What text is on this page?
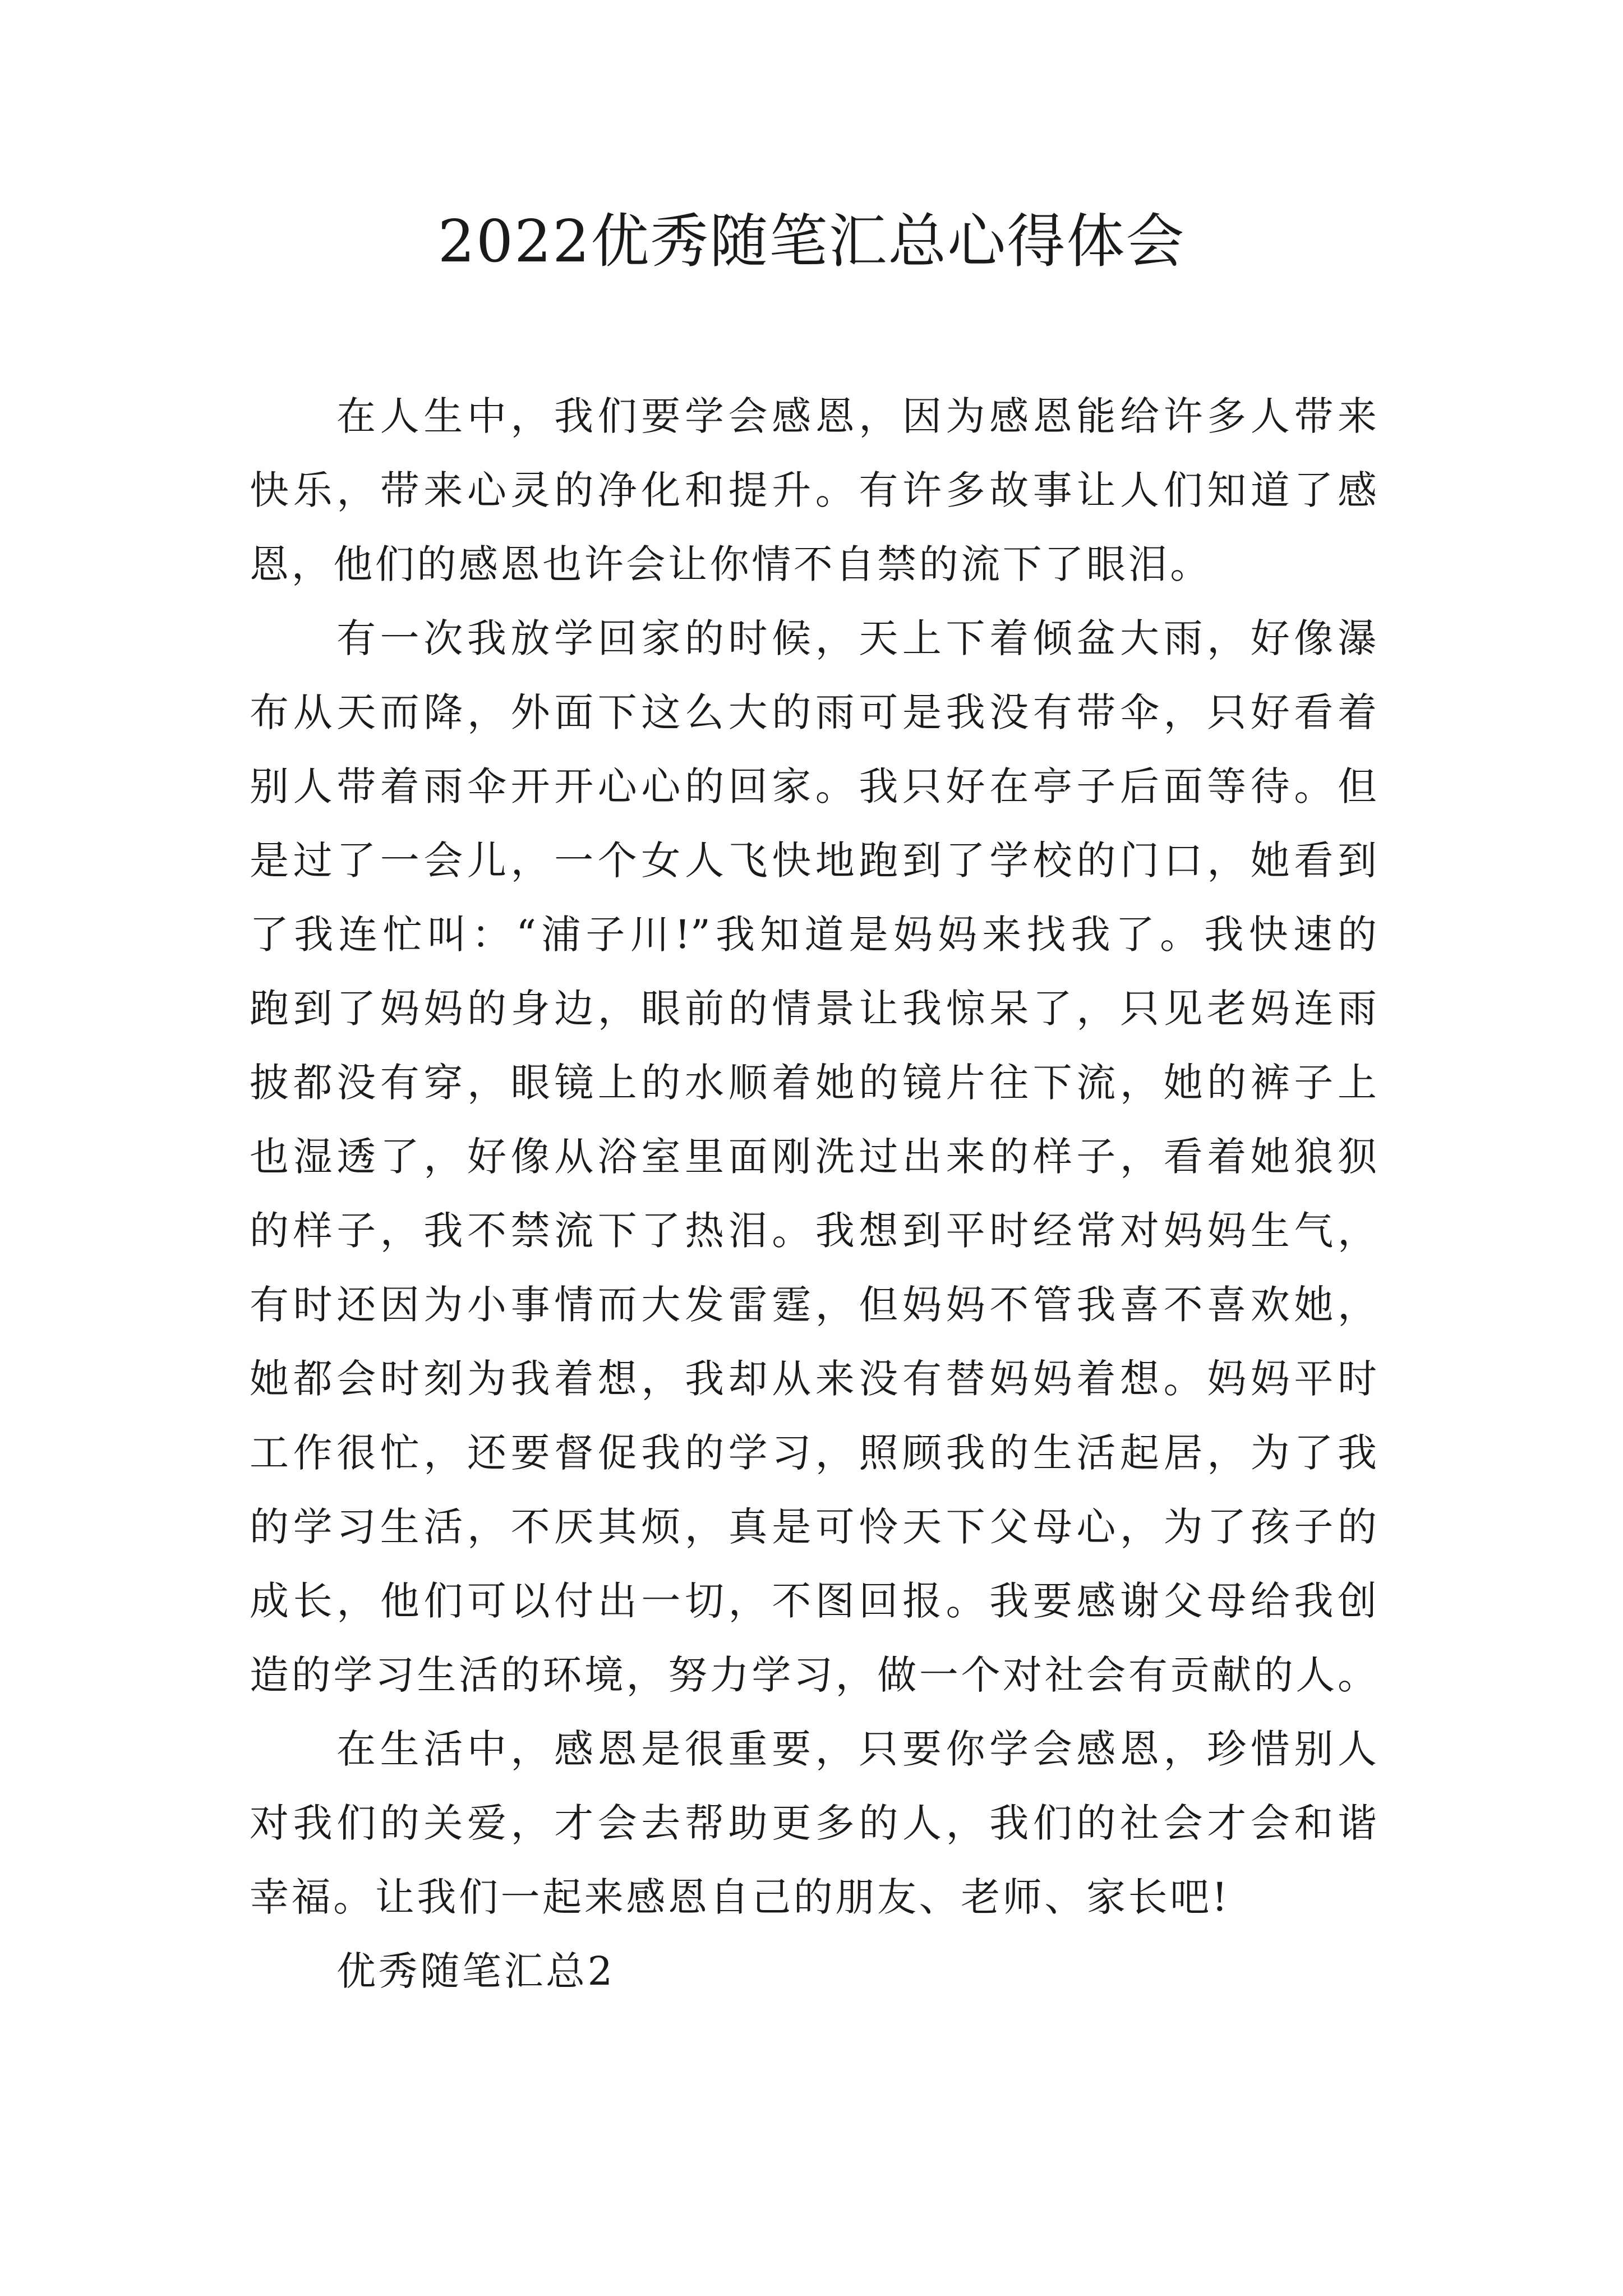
2022优秀随笔汇总心得体会
在人生中，我们要学会感恩，因为感恩能给许多人带来
快乐，带来心灵的净化和提升。有许多故事让人们知道了感
恩，他们的感恩也许会让你情不自禁的流下了眼泪。
有一次我放学回家的时候，天上下着倾盆大雨，好像瀑
布从天而降，外面下这么大的雨可是我没有带伞，只好看着
别人带着雨伞开开心心的回家。我只好在亭子后面等待。但
是过了一会儿，一个女人飞快地跑到了学校的门口，她看到
了我连忙叫：“浦子川!”我知道是妈妈来找我了。我快速的
跑到了妈妈的身边，眼前的情景让我惊呆了，只见老妈连雨
披都没有穿，眼镜上的水顺着她的镜片往下流，她的裤子上
也湿透了，好像从浴室里面刚洗过出来的样子，看着她狼狈
的样子，我不禁流下了热泪。我想到平时经常对妈妈生气，
有时还因为小事情而大发雷霆，但妈妈不管我喜不喜欢她，
她都会时刻为我着想，我却从来没有替妈妈着想。妈妈平时
工作很忙，还要督促我的学习，照顾我的生活起居，为了我
的学习生活，不厌其烦，真是可怜天下父母心，为了孩子的
成长，他们可以付出一切，不图回报。我要感谢父母给我创
造的学习生活的环境，努力学习，做一个对社会有贡献的人。
在生活中，感恩是很重要，只要你学会感恩，珍惜别人
对我们的关爱，才会去帮助更多的人，我们的社会才会和谐
幸福。让我们一起来感恩自己的朋友、老师、家长吧!
优秀随笔汇总2
